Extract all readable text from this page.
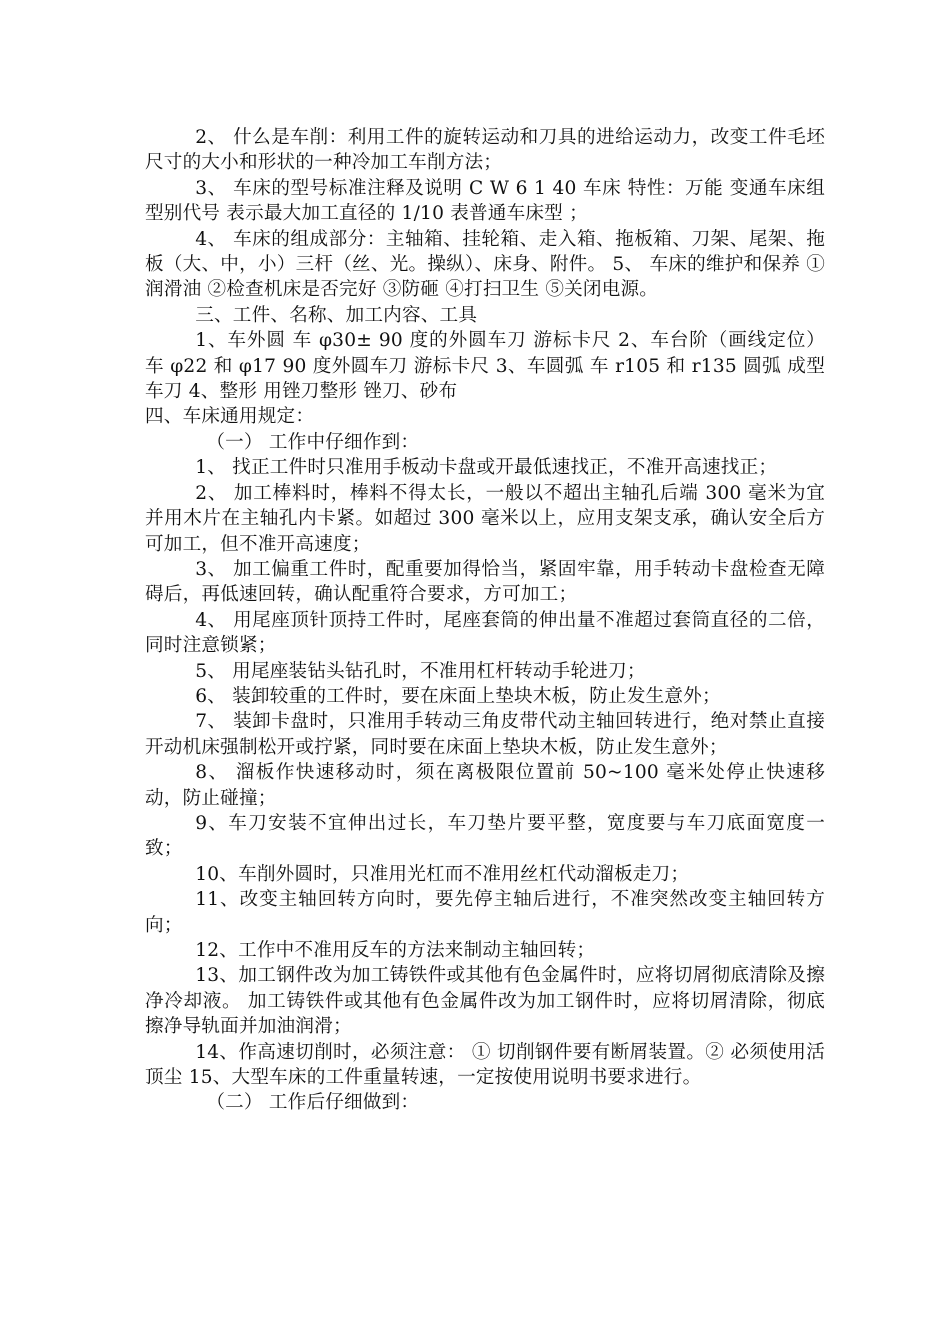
2、 什么是车削：利用工件的旋转运动和刀具的进给运动力，改变工件毛坯尺寸的大小和形状的一种冷加工车削方法；

3、 车床的型号标准注释及说明 C W 6 1 40 车床 特性：万能 变通车床组 型别代号 表示最大加工直径的 1/10 表普通车床型 ；

4、 车床的组成部分：主轴箱、挂轮箱、走入箱、拖板箱、刀架、尾架、拖板（大、中，小）三杆（丝、光。操纵）、床身、附件。 5、 车床的维护和保养 ①润滑油 ②检查机床是否完好 ③防砸 ④打扫卫生 ⑤关闭电源。

三、工件、名称、加工内容、工具

1、车外圆 车 φ30± 90 度的外圆车刀 游标卡尺 2、车台阶（画线定位） 车 φ22 和 φ17 90 度外圆车刀 游标卡尺 3、车圆弧 车 r105 和 r135 圆弧 成型车刀 4、整形 用锉刀整形 锉刀、砂布

四、车床通用规定：

（一） 工作中仔细作到：

1、 找正工件时只准用手板动卡盘或开最低速找正，不准开高速找正；

2、 加工棒料时，棒料不得太长，一般以不超出主轴孔后端 300 毫米为宜并用木片在主轴孔内卡紧。如超过 300 毫米以上，应用支架支承，确认安全后方可加工，但不准开高速度；

3、 加工偏重工件时，配重要加得恰当，紧固牢靠，用手转动卡盘检查无障碍后，再低速回转，确认配重符合要求，方可加工；

4、 用尾座顶针顶持工件时，尾座套筒的伸出量不准超过套筒直径的二倍，同时注意锁紧；

5、 用尾座装钻头钻孔时，不准用杠杆转动手轮进刀；

6、 装卸较重的工件时，要在床面上垫块木板，防止发生意外；

7、 装卸卡盘时，只准用手转动三角皮带代动主轴回转进行，绝对禁止直接开动机床强制松开或拧紧，同时要在床面上垫块木板，防止发生意外；

8、 溜板作快速移动时，须在离极限位置前 50~100 毫米处停止快速移动，防止碰撞；

9、车刀安装不宜伸出过长，车刀垫片要平整，宽度要与车刀底面宽度一致；

10、车削外圆时，只准用光杠而不准用丝杠代动溜板走刀；

11、改变主轴回转方向时，要先停主轴后进行，不准突然改变主轴回转方向；

12、工作中不准用反车的方法来制动主轴回转；

13、加工钢件改为加工铸铁件或其他有色金属件时，应将切屑彻底清除及擦净冷却液。 加工铸铁件或其他有色金属件改为加工钢件时，应将切屑清除，彻底擦净导轨面并加油润滑；

14、作高速切削时，必须注意： ① 切削钢件要有断屑装置。② 必须使用活顶尘 15、大型车床的工件重量转速，一定按使用说明书要求进行。

（二） 工作后仔细做到：
